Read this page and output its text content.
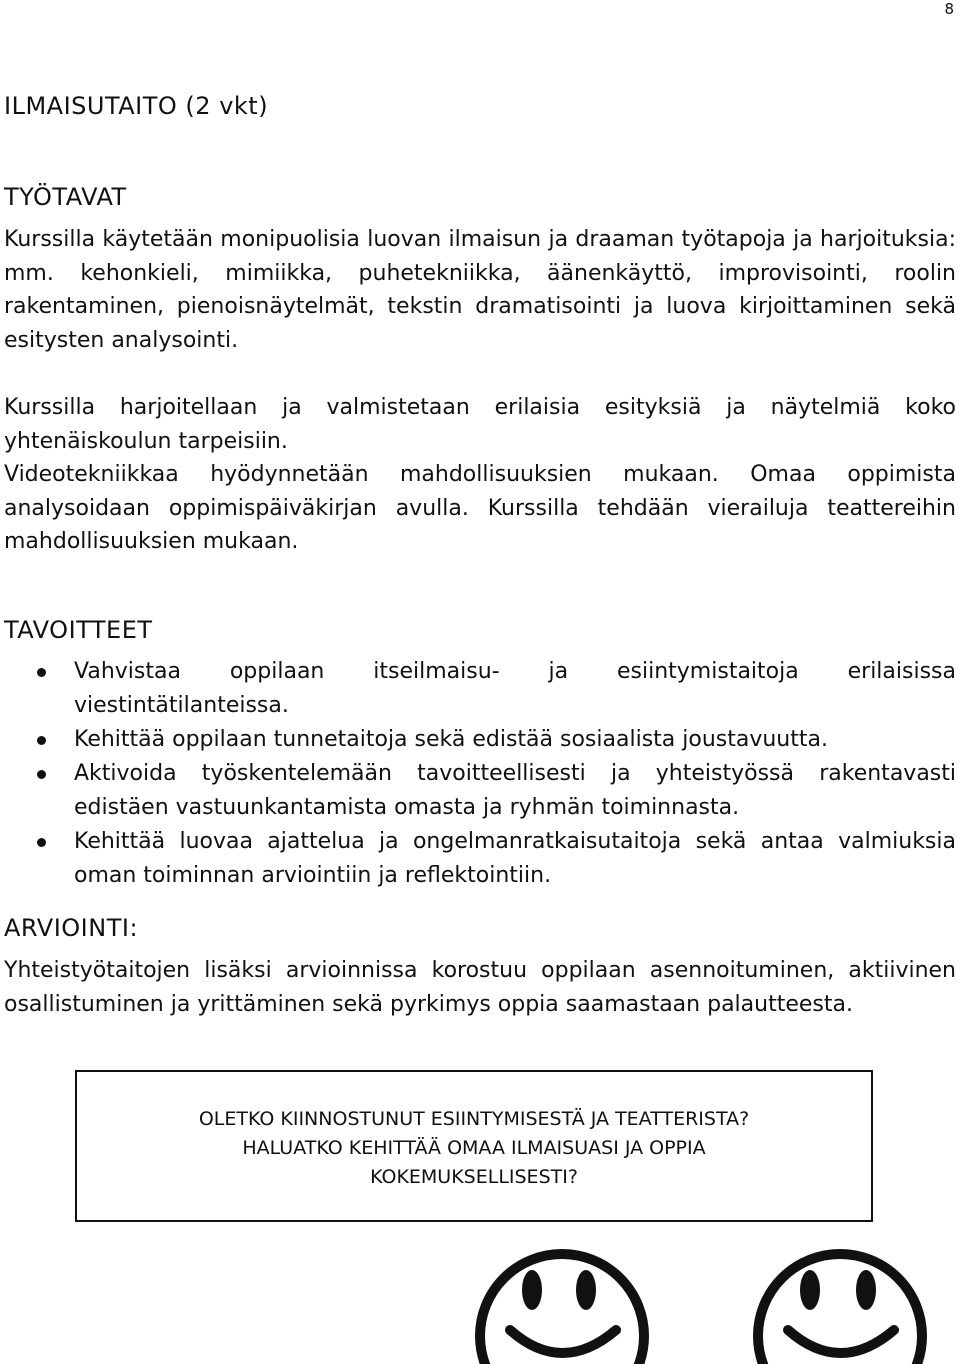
8
ILMAISUTAITO (2 vkt)
TYÖTAVAT

Kurssilla käytetään monipuolisia luovan ilmaisun ja draaman työtapoja ja harjoituksia: mm. kehonkieli, mimiikka, puhetekniikka, äänenkäyttö, improvisointi, roolin rakentaminen, pienoisnäytelmät, tekstin dramatisointi ja luova kirjoittaminen sekä esitysten analysointi.

Kurssilla harjoitellaan ja valmistetaan erilaisia esityksiä ja näytelmiä koko yhtenäiskoulun tarpeisiin.

Videotekniikkaa hyödynnetään mahdollisuuksien mukaan. Omaa oppimista analysoidaan oppimispäiväkirjan avulla. Kurssilla tehdään vierailuja teattereihin mahdollisuuksien mukaan.

TAVOITTEET
Vahvistaa oppilaan itseilmaisu- ja esiintymistaitoja erilaisissa viestintätilanteissa.
Kehittää oppilaan tunnetaitoja sekä edistää sosiaalista joustavuutta.
Aktivoida työskentelemään tavoitteellisesti ja yhteistyössä rakentavasti edistäen vastuunkantamista omasta ja ryhmän toiminnasta.
Kehittää luovaa ajattelua ja ongelmanratkaisutaitoja sekä antaa valmiuksia oman toiminnan arviointiin ja reflektointiin.
ARVIOINTI:

Yhteistyötaitojen lisäksi arvioinnissa korostuu oppilaan asennoituminen, aktiivinen osallistuminen ja yrittäminen sekä pyrkimys oppia saamastaan palautteesta.

OLETKO KIINNOSTUNUT ESIINTYMISESTÄ JA TEATTERISTA?
HALUATKO KEHITTÄÄ OMAA ILMAISUASI JA OPPIA
KOKEMUKSELLISESTI?
